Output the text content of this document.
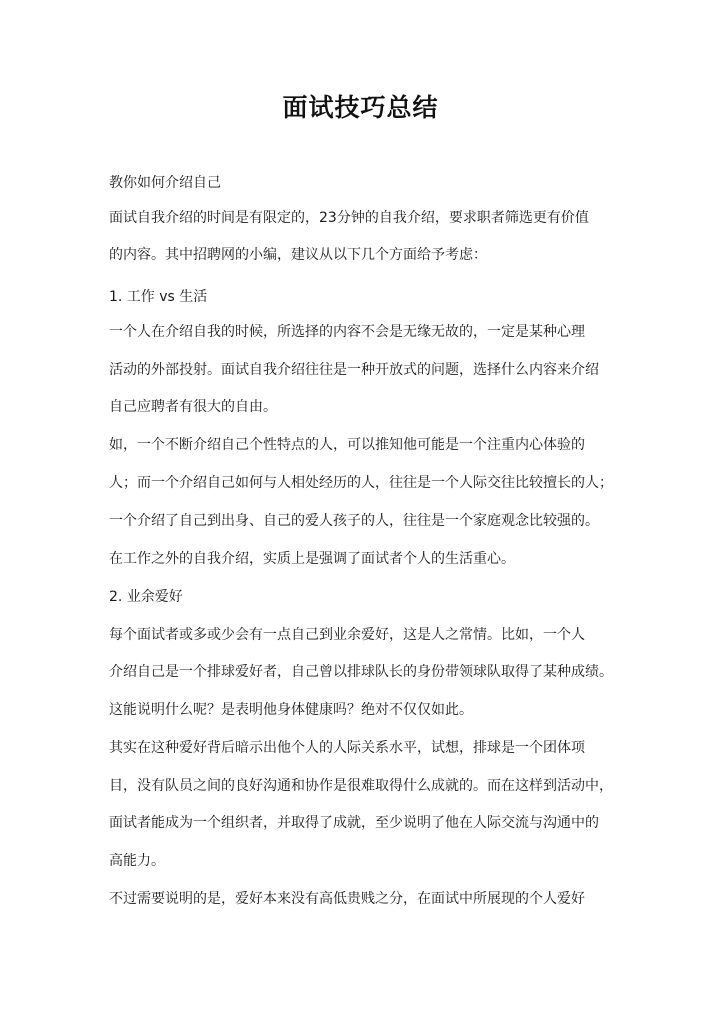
面试技巧总结
教你如何介绍自己
面试自我介绍的时间是有限定的，23分钟的自我介绍，要求职者筛选更有价值
的内容。其中招聘网的小编，建议从以下几个方面给予考虑：
1. 工作 vs 生活
一个人在介绍自我的时候，所选择的内容不会是无缘无故的，一定是某种心理
活动的外部投射。面试自我介绍往往是一种开放式的问题，选择什么内容来介绍
自己应聘者有很大的自由。
如，一个不断介绍自己个性特点的人，可以推知他可能是一个注重内心体验的
人；而一个介绍自己如何与人相处经历的人，往往是一个人际交往比较擅长的人；
一个介绍了自己到出身、自己的爱人孩子的人，往往是一个家庭观念比较强的。
在工作之外的自我介绍，实质上是强调了面试者个人的生活重心。
2. 业余爱好
每个面试者或多或少会有一点自己到业余爱好，这是人之常情。比如，一个人
介绍自己是一个排球爱好者，自己曾以排球队长的身份带领球队取得了某种成绩。
这能说明什么呢？是表明他身体健康吗？绝对不仅仅如此。
其实在这种爱好背后暗示出他个人的人际关系水平，试想，排球是一个团体项
目，没有队员之间的良好沟通和协作是很难取得什么成就的。而在这样到活动中，
面试者能成为一个组织者，并取得了成就，至少说明了他在人际交流与沟通中的
高能力。
不过需要说明的是，爱好本来没有高低贵贱之分，在面试中所展现的个人爱好
